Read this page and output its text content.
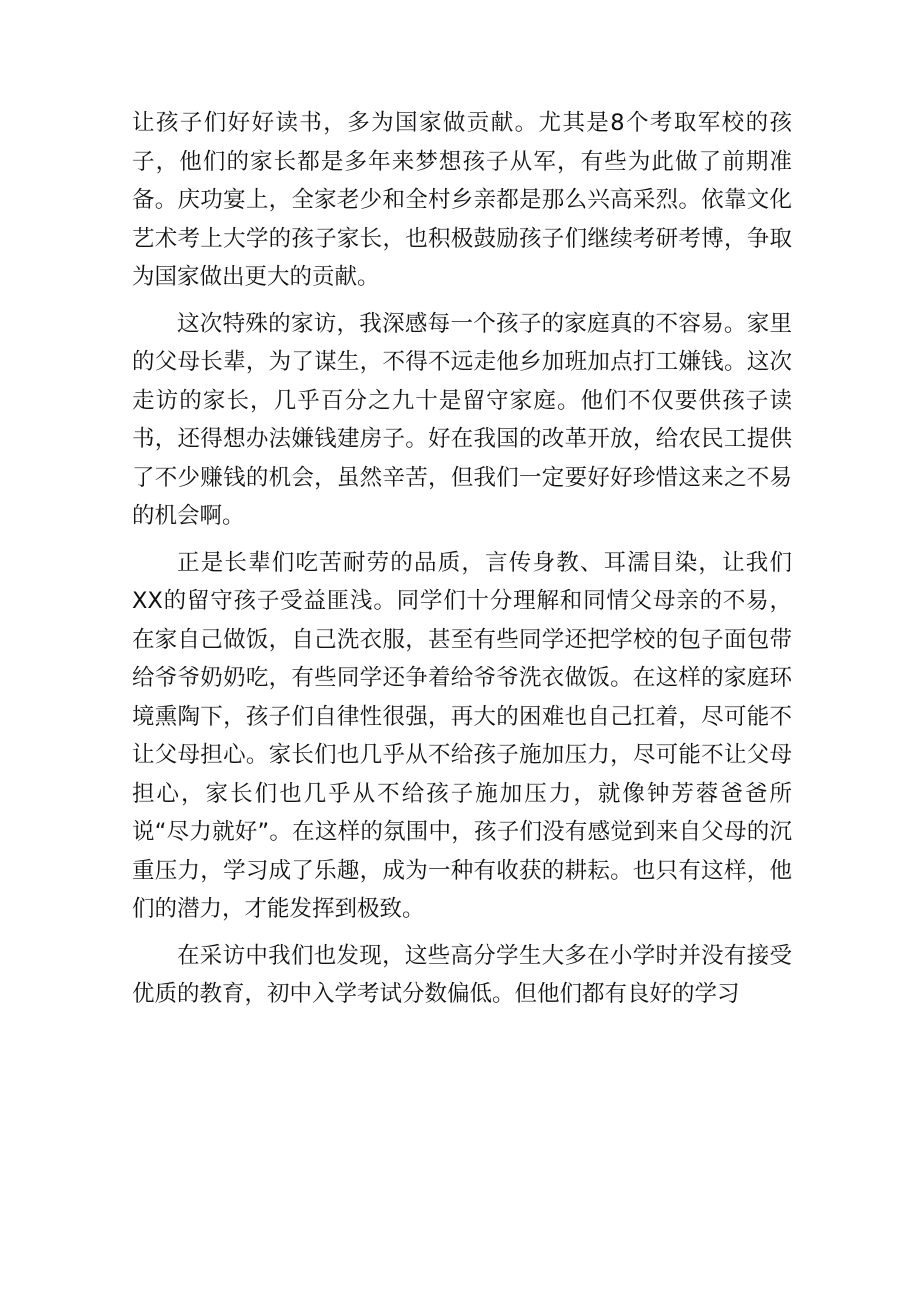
让孩子们好好读书，多为国家做贡献。尤其是8个考取军校的孩子，他们的家长都是多年来梦想孩子从军，有些为此做了前期准备。庆功宴上，全家老少和全村乡亲都是那么兴高采烈。依靠文化艺术考上大学的孩子家长，也积极鼓励孩子们继续考研考博，争取为国家做出更大的贡献。

这次特殊的家访，我深感每一个孩子的家庭真的不容易。家里的父母长辈，为了谋生，不得不远走他乡加班加点打工嫌钱。这次走访的家长，几乎百分之九十是留守家庭。他们不仅要供孩子读书，还得想办法嫌钱建房子。好在我国的改革开放，给农民工提供了不少赚钱的机会，虽然辛苦，但我们一定要好好珍惜这来之不易的机会啊。

正是长辈们吃苦耐劳的品质，言传身教、耳濡目染，让我们XX的留守孩子受益匪浅。同学们十分理解和同情父母亲的不易，在家自己做饭，自己洗衣服，甚至有些同学还把学校的包子面包带给爷爷奶奶吃，有些同学还争着给爷爷洗衣做饭。在这样的家庭环境熏陶下，孩子们自律性很强，再大的困难也自己扛着，尽可能不让父母担心。家长们也几乎从不给孩子施加压力，尽可能不让父母担心，家长们也几乎从不给孩子施加压力，就像钟芳蓉爸爸所说“尽力就好”。在这样的氛围中，孩子们没有感觉到来自父母的沉重压力，学习成了乐趣，成为一种有收获的耕耘。也只有这样，他们的潜力，才能发挥到极致。

在采访中我们也发现，这些高分学生大多在小学时并没有接受优质的教育，初中入学考试分数偏低。但他们都有良好的学习
